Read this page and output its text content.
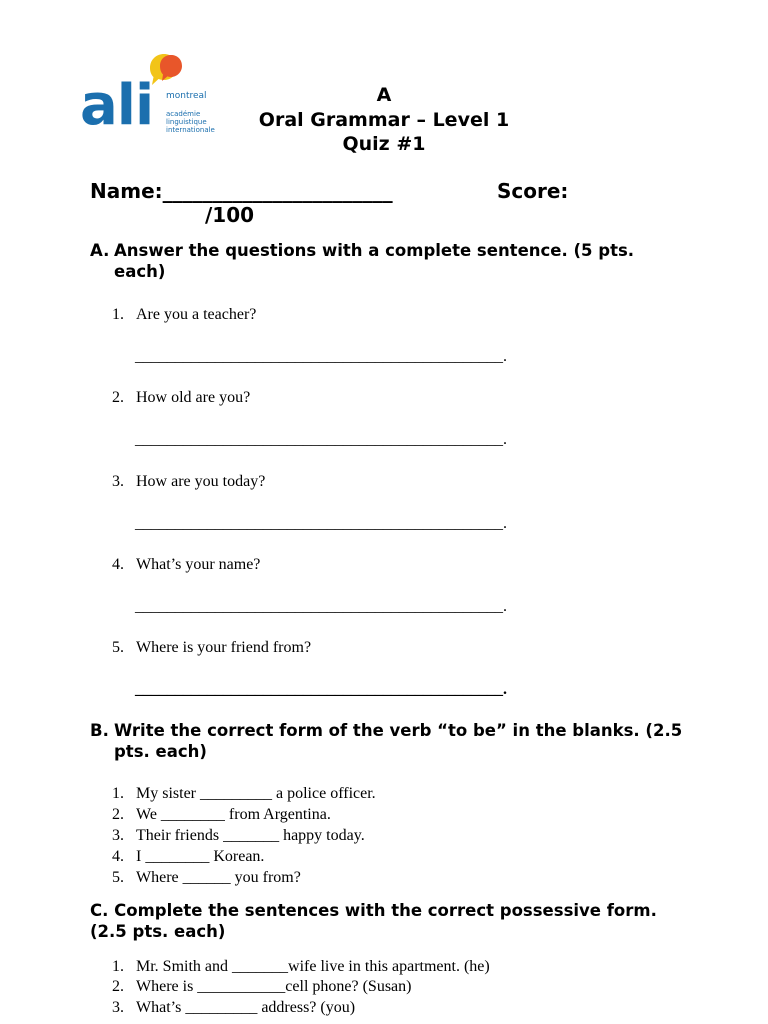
ali montreal
académie
linguistique
internationale
A
Oral Grammar – Level 1
Quiz #1
Name:_______________________	Score:
/100
A. Answer the questions with a complete sentence. (5 pts. each)
1. Are you a teacher?
______________________________________________.
2. How old are you?
______________________________________________.
3. How are you today?
______________________________________________.
4. What’s your name?
______________________________________________.
5. Where is your friend from?
______________________________________________.
B. Write the correct form of the verb “to be” in the blanks. (2.5 pts. each)
1. My sister _________ a police officer.
2. We ________ from Argentina.
3. Their friends _______ happy today.
4. I ________ Korean.
5. Where ______ you from?
C. Complete the sentences with the correct possessive form. (2.5 pts. each)
1. Mr. Smith and _______wife live in this apartment. (he)
2. Where is ___________cell phone? (Susan)
3. What’s _________ address? (you)
